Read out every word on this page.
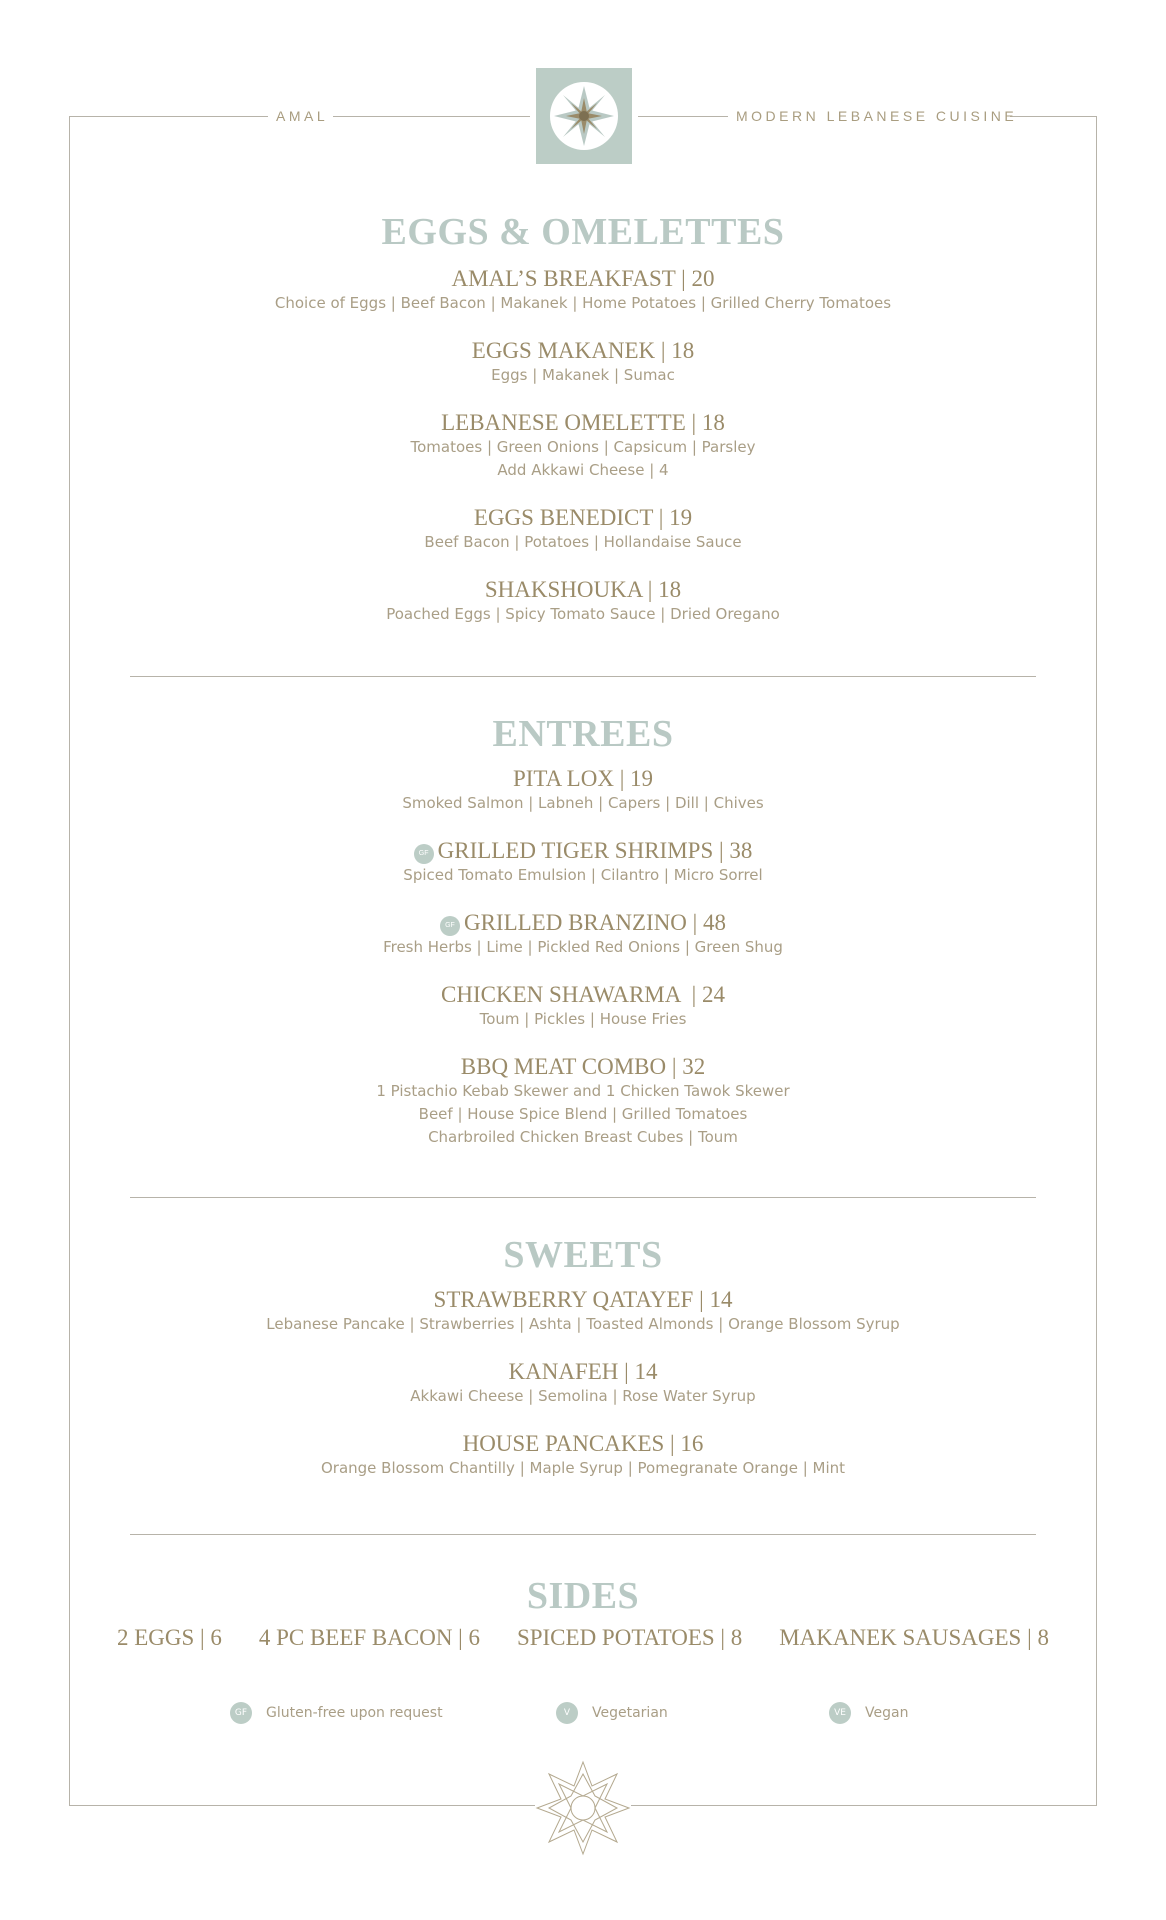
AMAL	MODERN LEBANESE CUISINE
EGGS & OMELETTES
AMAL’S BREAKFAST | 20
Choice of Eggs | Beef Bacon | Makanek | Home Potatoes | Grilled Cherry Tomatoes
EGGS MAKANEK | 18
Eggs | Makanek | Sumac
LEBANESE OMELETTE | 18
Tomatoes | Green Onions | Capsicum | Parsley
Add Akkawi Cheese | 4
EGGS BENEDICT | 19
Beef Bacon | Potatoes | Hollandaise Sauce
SHAKSHOUKA | 18
Poached Eggs | Spicy Tomato Sauce | Dried Oregano
ENTREES
PITA LOX | 19
Smoked Salmon | Labneh | Capers | Dill | Chives
GF GRILLED TIGER SHRIMPS | 38
Spiced Tomato Emulsion | Cilantro | Micro Sorrel
GF GRILLED BRANZINO | 48
Fresh Herbs | Lime | Pickled Red Onions | Green Shug
CHICKEN SHAWARMA  | 24
Toum | Pickles | House Fries
BBQ MEAT COMBO | 32
1 Pistachio Kebab Skewer and 1 Chicken Tawok Skewer
Beef | House Spice Blend | Grilled Tomatoes
Charbroiled Chicken Breast Cubes | Toum
SWEETS
STRAWBERRY QATAYEF | 14
Lebanese Pancake | Strawberries | Ashta | Toasted Almonds | Orange Blossom Syrup
KANAFEH | 14
Akkawi Cheese | Semolina | Rose Water Syrup
HOUSE PANCAKES | 16
Orange Blossom Chantilly | Maple Syrup | Pomegranate Orange | Mint
SIDES
2 EGGS | 6 4 PC BEEF BACON | 6 SPICED POTATOES | 8 MAKANEK SAUSAGES | 8
GF	Gluten-free upon request	V	Vegetarian	VE	Vegan
